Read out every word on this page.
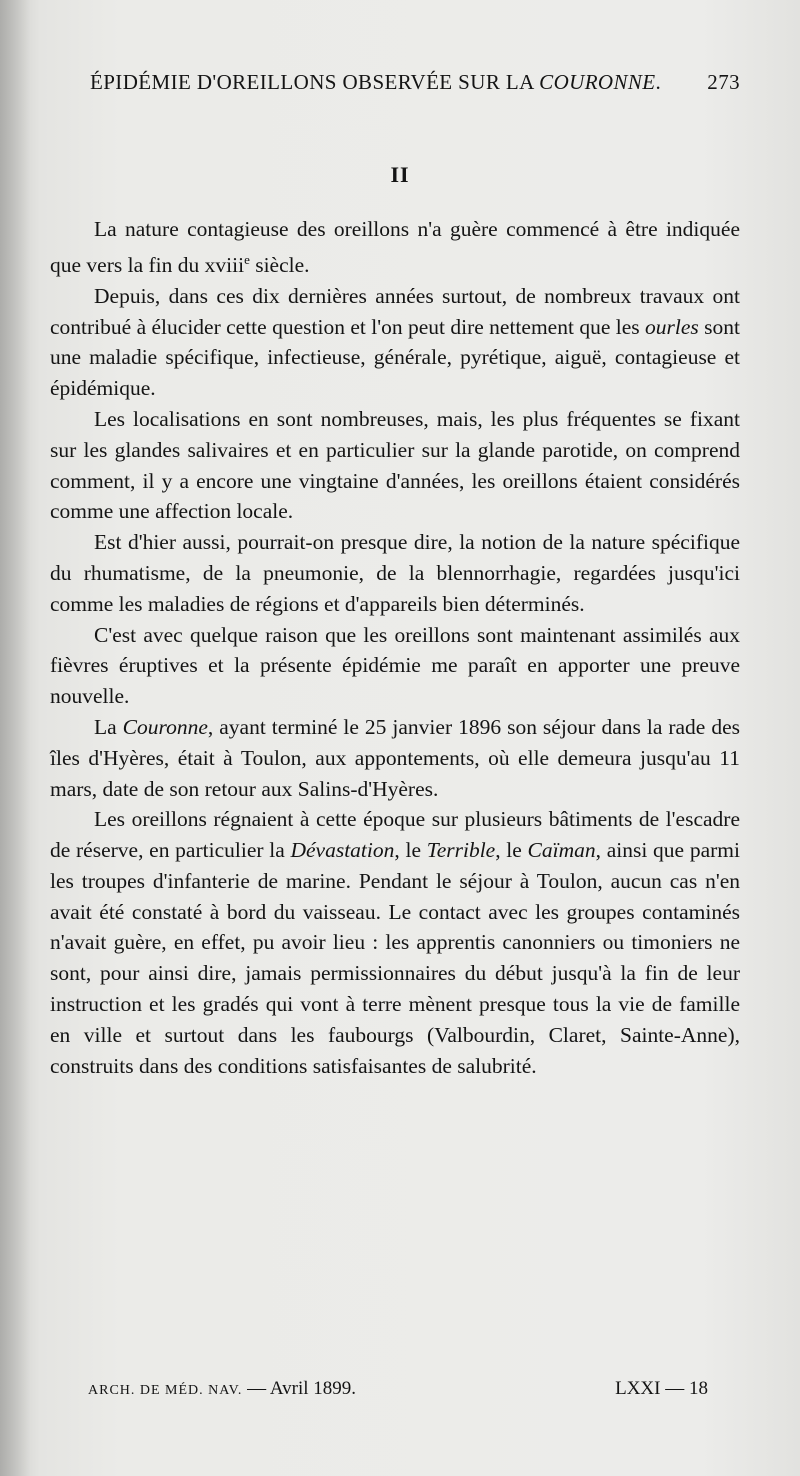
ÉPIDÉMIE D'OREILLONS OBSERVÉE SUR LA COURONNE. 273
II

La nature contagieuse des oreillons n'a guère commencé à être indiquée que vers la fin du xviii$^e$ siècle.

Depuis, dans ces dix dernières années surtout, de nombreux travaux ont contribué à élucider cette question et l'on peut dire nettement que les ourles sont une maladie spécifique, infectieuse, générale, pyrétique, aiguë, contagieuse et épidémique.

Les localisations en sont nombreuses, mais, les plus fréquentes se fixant sur les glandes salivaires et en particulier sur la glande parotide, on comprend comment, il y a encore une vingtaine d'années, les oreillons étaient considérés comme une affection locale.

Est d'hier aussi, pourrait-on presque dire, la notion de la nature spécifique du rhumatisme, de la pneumonie, de la blennorrhagie, regardées jusqu'ici comme les maladies de régions et d'appareils bien déterminés.

C'est avec quelque raison que les oreillons sont maintenant assimilés aux fièvres éruptives et la présente épidémie me paraît en apporter une preuve nouvelle.

La Couronne, ayant terminé le 25 janvier 1896 son séjour dans la rade des îles d'Hyères, était à Toulon, aux appontements, où elle demeura jusqu'au 11 mars, date de son retour aux Salins-d'Hyères.

Les oreillons régnaient à cette époque sur plusieurs bâtiments de l'escadre de réserve, en particulier la Dévastation, le Terrible, le Caïman, ainsi que parmi les troupes d'infanterie de marine. Pendant le séjour à Toulon, aucun cas n'en avait été constaté à bord du vaisseau. Le contact avec les groupes contaminés n'avait guère, en effet, pu avoir lieu : les apprentis canonniers ou timoniers ne sont, pour ainsi dire, jamais permissionnaires du début jusqu'à la fin de leur instruction et les gradés qui vont à terre mènent presque tous la vie de famille en ville et surtout dans les faubourgs (Valbourdin, Claret, Sainte-Anne), construits dans des conditions satisfaisantes de salubrité.

ARCH. DE MÉD. NAV. — Avril 1899.	LXXI — 18
